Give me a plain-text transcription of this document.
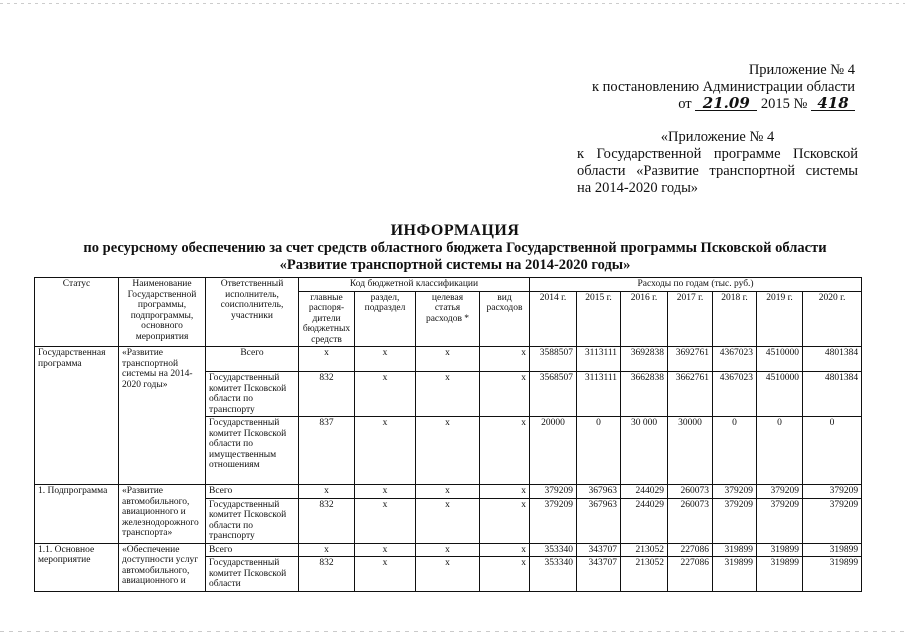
Приложение № 4
к постановлению Администрации области
от 21.09 2015 № 418
«Приложение № 4
к Государственной программе Псковской
области «Развитие транспортной системы
на 2014-2020 годы»
ИНФОРМАЦИЯ
по ресурсному обеспечению за счет средств областного бюджета Государственной программы Псковской области
«Развитие транспортной системы на 2014-2020 годы»
Статус	Наименование Государственной программы, подпрограммы, основного мероприятия	Ответственный исполнитель, соисполнитель, участники	Код бюджетной классификации				Расходы по годам (тыс. руб.)						
			главные распоря-дители бюджетных средств	раздел, подраздел	целевая статья расходов *	вид расходов	2014 г.	2015 г.	2016 г.	2017 г.	2018 г.	2019 г.	2020 г.
Государственная программа	«Развитие транспортной системы на 2014-2020 годы»	Всего	x	x	x	x	3588507	3113111	3692838	3692761	4367023	4510000	4801384
		Государственный комитет Псковской области по транспорту	832	x	x	x	3568507	3113111	3662838	3662761	4367023	4510000	4801384
		Государственный комитет Псковской области по имущественным отношениям	837	x	x	x	20000	0	30 000	30000	0	0	0
1. Подпрограмма	«Развитие автомобильного, авиационного и железнодорожного транспорта»	Всего	x	x	x	x	379209	367963	244029	260073	379209	379209	379209
		Государственный комитет Псковской области по транспорту	832	x	x	x	379209	367963	244029	260073	379209	379209	379209
1.1. Основное мероприятие	«Обеспечение доступности услуг автомобильного, авиационного и	Всего	x	x	x	x	353340	343707	213052	227086	319899	319899	319899
		Государственный комитет Псковской области	832	x	x	x	353340	343707	213052	227086	319899	319899	319899
